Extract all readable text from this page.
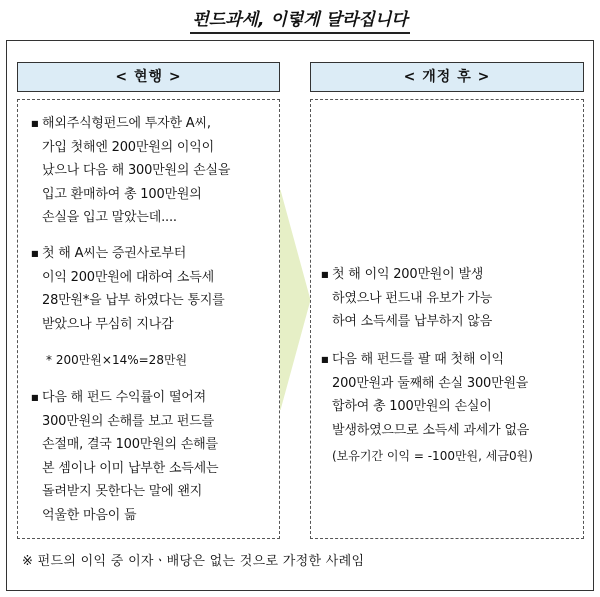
펀드과세, 이렇게 달라집니다
< 현행 >	< 개정 후 >
■ 해외주식형펀드에 투자한 A씨,
가입 첫해엔 200만원의 이익이
났으나 다음 해 300만원의 손실을
입고 환매하여 총 100만원의
손실을 입고 말았는데....
■ 첫 해 A씨는 증권사로부터
이익 200만원에 대하여 소득세
28만원*을 납부 하였다는 통지를
받았으나 무심히 지나감
* 200만원×14%=28만원
■ 다음 해 펀드 수익률이 떨어져
300만원의 손해를 보고 펀드를
손절매, 결국 100만원의 손해를
본 셈이나 이미 납부한 소득세는
돌려받지 못한다는 말에 왠지
억울한 마음이 듦
■ 첫 해 이익 200만원이 발생
하였으나 펀드내 유보가 가능
하여 소득세를 납부하지 않음
■ 다음 해 펀드를 팔 때 첫해 이익
200만원과 둘째해 손실 300만원을
합하여 총 100만원의 손실이
발생하였으므로 소득세 과세가 없음
(보유기간 이익 = -100만원, 세금0원)
※ 펀드의 이익 중 이자ㆍ배당은 없는 것으로 가정한 사례임
